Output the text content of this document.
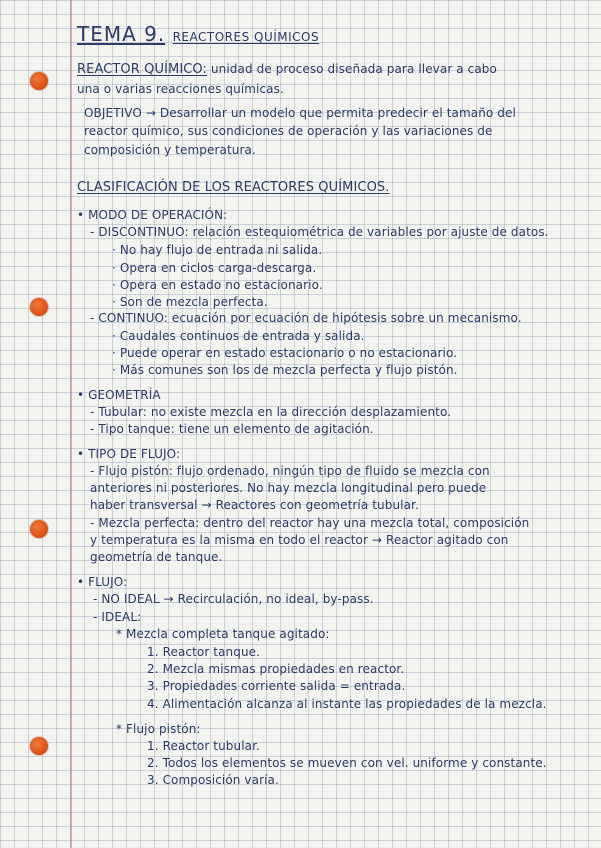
TEMA 9. REACTORES QUÍMICOS
REACTOR QUÍMICO: unidad de proceso diseñada para llevar a cabo
una o varias reacciones químicas.
OBJETIVO → Desarrollar un modelo que permita predecir el tamaño del
reactor químico, sus condiciones de operación y las variaciones de
composición y temperatura.
CLASIFICACIÓN DE LOS REACTORES QUÍMICOS.
• MODO DE OPERACIÓN:
- DISCONTINUO: relación estequiométrica de variables por ajuste de datos.
· No hay flujo de entrada ni salida.
· Opera en ciclos carga-descarga.
· Opera en estado no estacionario.
· Son de mezcla perfecta.
- CONTINUO: ecuación por ecuación de hipótesis sobre un mecanismo.
· Caudales continuos de entrada y salida.
· Puede operar en estado estacionario o no estacionario.
· Más comunes son los de mezcla perfecta y flujo pistón.
• GEOMETRÍA
- Tubular: no existe mezcla en la dirección desplazamiento.
- Tipo tanque: tiene un elemento de agitación.
• TIPO DE FLUJO:
- Flujo pistón: flujo ordenado, ningún tipo de fluido se mezcla con
anteriores ni posteriores. No hay mezcla longitudinal pero puede
haber transversal → Reactores con geometría tubular.
- Mezcla perfecta: dentro del reactor hay una mezcla total, composición
y temperatura es la misma en todo el reactor → Reactor agitado con
geometría de tanque.
• FLUJO:
- NO IDEAL → Recirculación, no ideal, by-pass.
- IDEAL:
* Mezcla completa tanque agitado:
1. Reactor tanque.
2. Mezcla mismas propiedades en reactor.
3. Propiedades corriente salida = entrada.
4. Alimentación alcanza al instante las propiedades de la mezcla.
* Flujo pistón:
1. Reactor tubular.
2. Todos los elementos se mueven con vel. uniforme y constante.
3. Composición varía.
